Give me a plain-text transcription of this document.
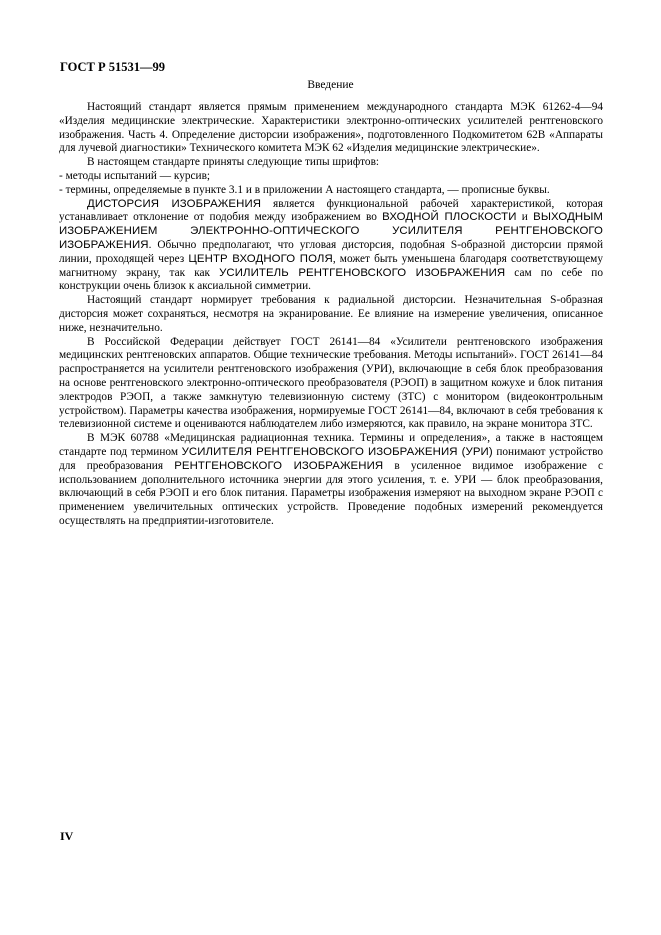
ГОСТ Р 51531—99
Введение

Настоящий стандарт является прямым применением международного стандарта МЭК 61262-4—94 «Изделия медицинские электрические. Характеристики электронно-оптических усилителей рентгеновского изображения. Часть 4. Определение дисторсии изображения», подготовленного Подкомитетом 62В «Аппараты для лучевой диагностики» Технического комитета МЭК 62 «Изделия медицинские электрические».

В настоящем стандарте приняты следующие типы шрифтов:

- методы испытаний — курсив;

- термины, определяемые в пункте 3.1 и в приложении А настоящего стандарта, — прописные буквы.

ДИСТОРСИЯ ИЗОБРАЖЕНИЯ является функциональной рабочей характеристикой, которая устанавливает отклонение от подобия между изображением во ВХОДНОЙ ПЛОСКОСТИ и ВЫХОДНЫМ ИЗОБРАЖЕНИЕМ ЭЛЕКТРОННО-ОПТИЧЕСКОГО УСИЛИТЕЛЯ РЕНТГЕНОВСКОГО ИЗОБРАЖЕНИЯ. Обычно предполагают, что угловая дисторсия, подобная S-образной дисторсии прямой линии, проходящей через ЦЕНТР ВХОДНОГО ПОЛЯ, может быть уменьшена благодаря соответствующему магнитному экрану, так как УСИЛИТЕЛЬ РЕНТГЕНОВСКОГО ИЗОБРАЖЕНИЯ сам по себе по конструкции очень близок к аксиальной симметрии.

Настоящий стандарт нормирует требования к радиальной дисторсии. Незначительная S-образная дисторсия может сохраняться, несмотря на экранирование. Ее влияние на измерение увеличения, описанное ниже, незначительно.

В Российской Федерации действует ГОСТ 26141—84 «Усилители рентгеновского изображения медицинских рентгеновских аппаратов. Общие технические требования. Методы испытаний». ГОСТ 26141—84 распространяется на усилители рентгеновского изображения (УРИ), включающие в себя блок преобразования на основе рентгеновского электронно-оптического преобразователя (РЭОП) в защитном кожухе и блок питания электродов РЭОП, а также замкнутую телевизионную систему (ЗТС) с монитором (видеоконтрольным устройством). Параметры качества изображения, нормируемые ГОСТ 26141—84, включают в себя требования к телевизионной системе и оцениваются наблюдателем либо измеряются, как правило, на экране монитора ЗТС.

В МЭК 60788 «Медицинская радиационная техника. Термины и определения», а также в настоящем стандарте под термином УСИЛИТЕЛЯ РЕНТГЕНОВСКОГО ИЗОБРАЖЕНИЯ (УРИ) понимают устройство для преобразования РЕНТГЕНОВСКОГО ИЗОБРАЖЕНИЯ в усиленное видимое изображение с использованием дополнительного источника энергии для этого усиления, т. е. УРИ — блок преобразования, включающий в себя РЭОП и его блок питания. Параметры изображения измеряют на выходном экране РЭОП с применением увеличительных оптических устройств. Проведение подобных измерений рекомендуется осуществлять на предприятии-изготовителе.

IV
